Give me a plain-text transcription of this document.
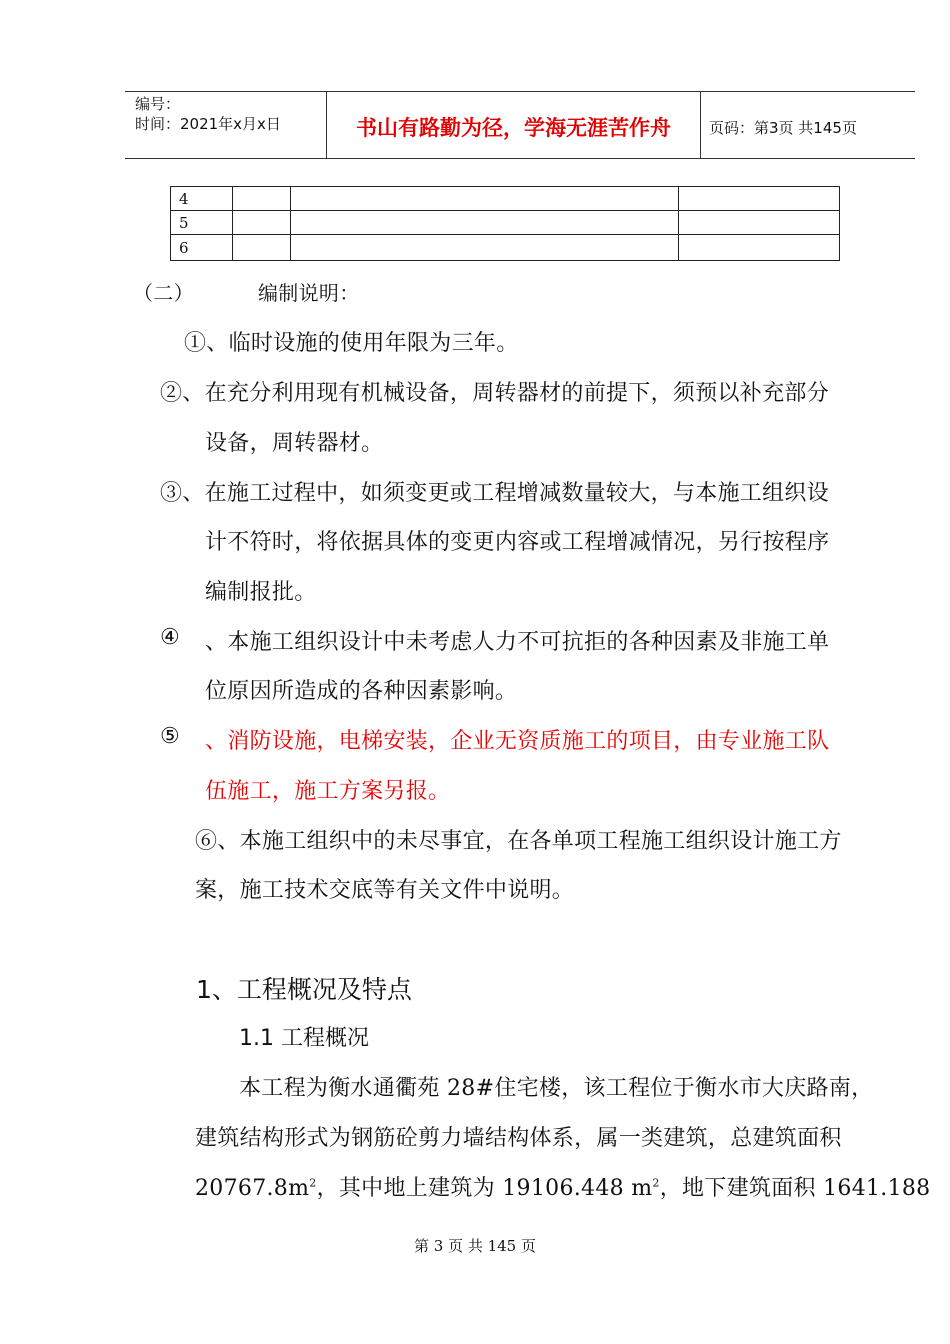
编号：
时间：2021年x月x日	书山有路勤为径，学海无涯苦作舟	页码：第3页 共145页
4			
5			
6			
（二）	编制说明：
①、临时设施的使用年限为三年。
②、在充分利用现有机械设备，周转器材的前提下，须预以补充部分
设备，周转器材。
③、在施工过程中，如须变更或工程增减数量较大，与本施工组织设
计不符时，将依据具体的变更内容或工程增减情况，另行按程序
编制报批。
④ 、本施工组织设计中未考虑人力不可抗拒的各种因素及非施工单
位原因所造成的各种因素影响。
⑤ 、消防设施，电梯安装，企业无资质施工的项目，由专业施工队
伍施工，施工方案另报。
⑥、本施工组织中的未尽事宜，在各单项工程施工组织设计施工方
案，施工技术交底等有关文件中说明。
1、工程概况及特点
1.1 工程概况
本工程为衡水通衢苑 28#住宅楼，该工程位于衡水市大庆路南，
建筑结构形式为钢筋砼剪力墙结构体系，属一类建筑，总建筑面积
$20767.8m^2$，其中地上建筑为 19106.448 $m^2$，地下建筑面积 1641.188
第 3 页 共 145 页
